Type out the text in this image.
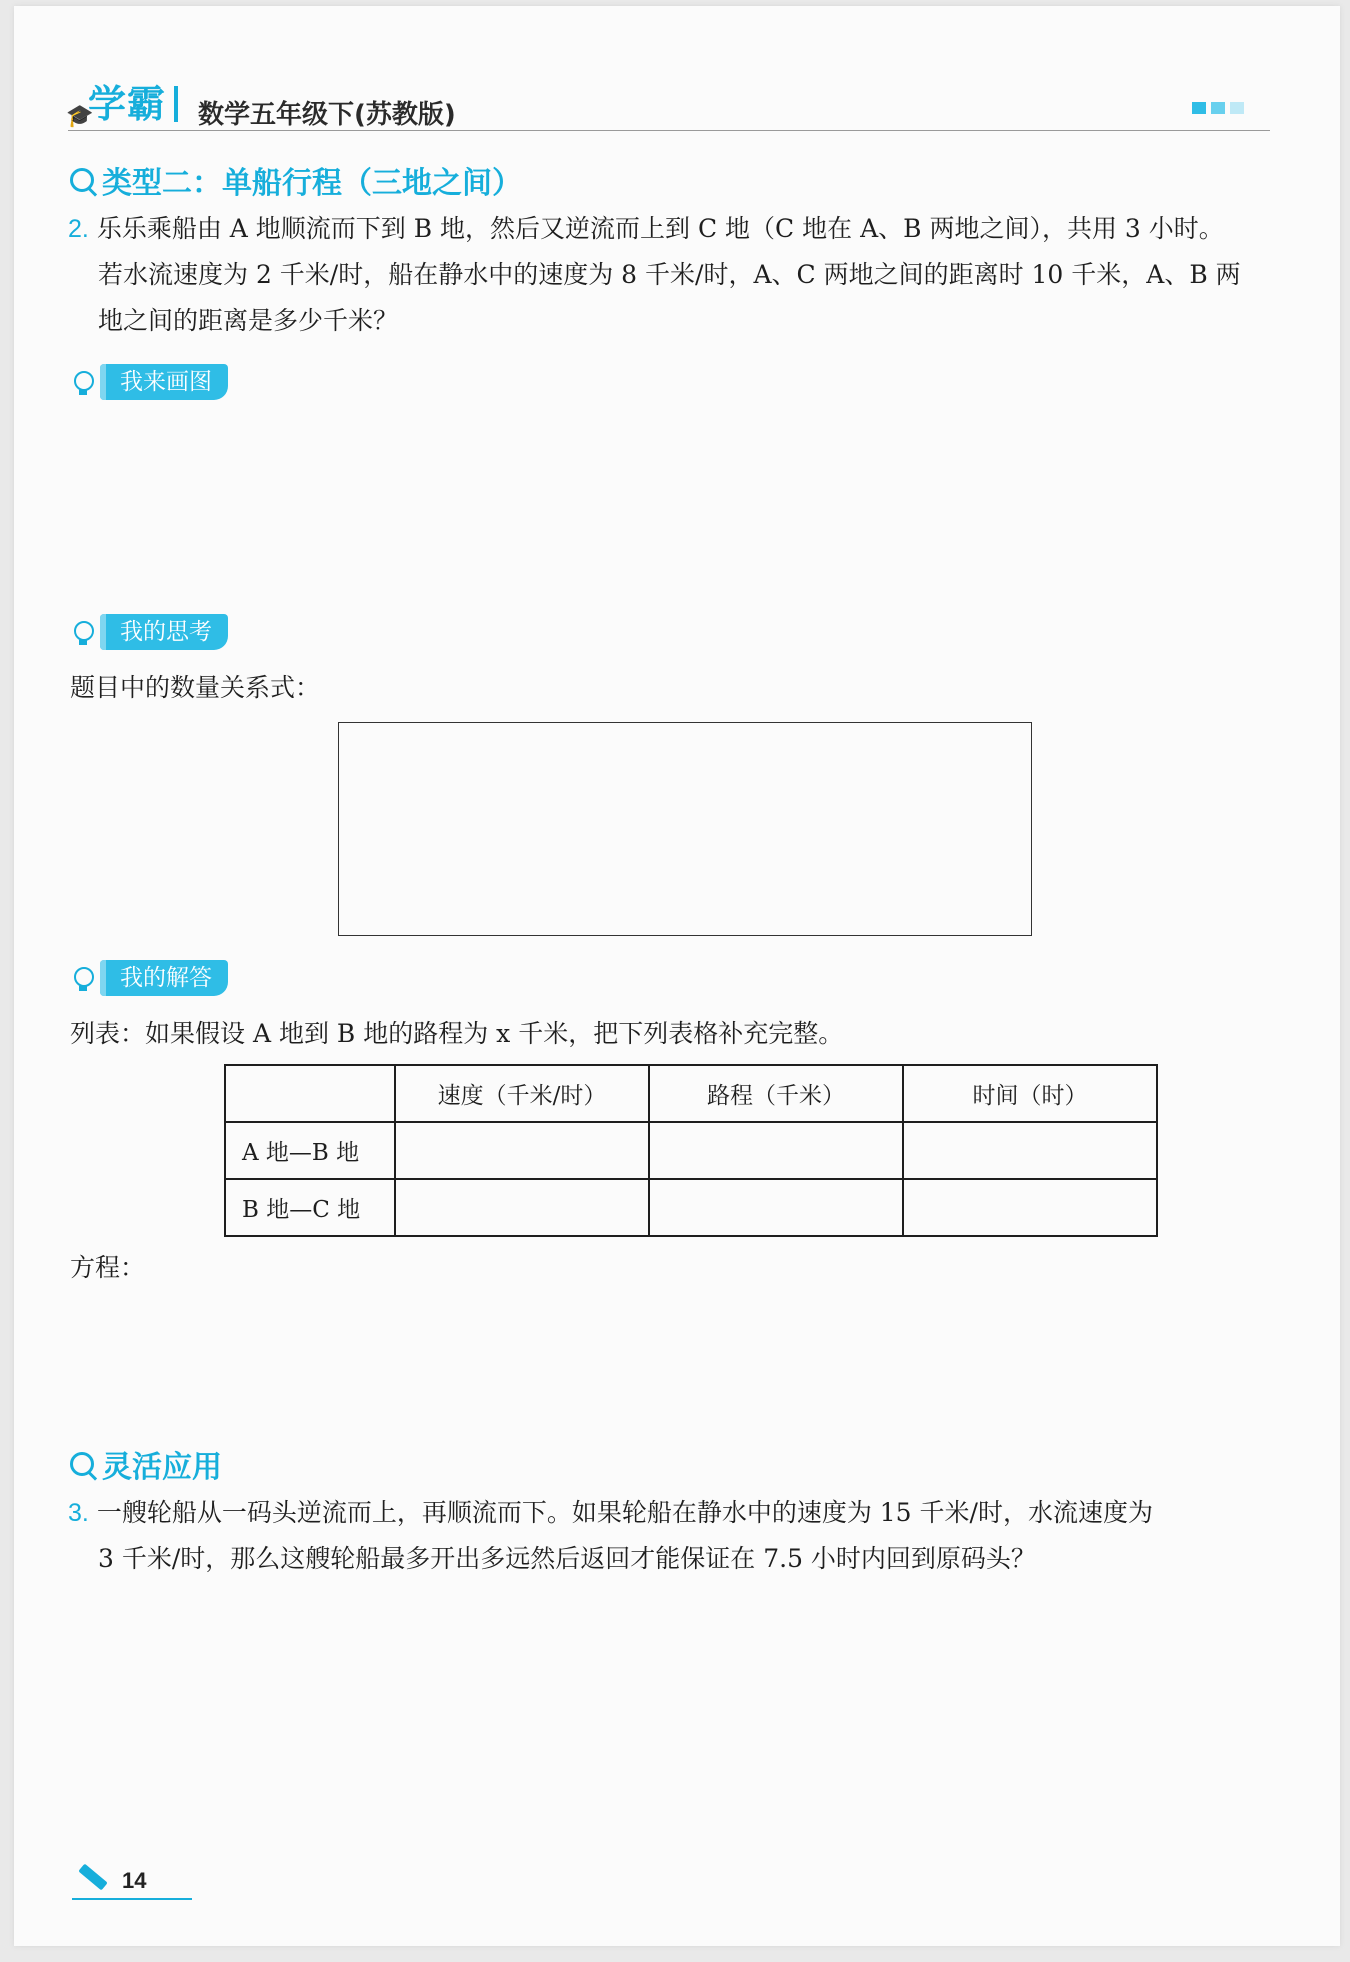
🎓
学霸 数学五年级下(苏教版)
类型二：单船行程（三地之间）
2. 乐乐乘船由 A 地顺流而下到 B 地，然后又逆流而上到 C 地（C 地在 A、B 两地之间），共用 3 小时。
若水流速度为 2 千米/时，船在静水中的速度为 8 千米/时，A、C 两地之间的距离时 10 千米，A、B 两
地之间的距离是多少千米？
我来画图
我的思考
题目中的数量关系式：
我的解答
列表：如果假设 A 地到 B 地的路程为 x 千米，把下列表格补充完整。
	速度（千米/时）	路程（千米）	时间（时）
A 地—B 地			
B 地—C 地			
方程：
灵活应用
3. 一艘轮船从一码头逆流而上，再顺流而下。如果轮船在静水中的速度为 15 千米/时，水流速度为
3 千米/时，那么这艘轮船最多开出多远然后返回才能保证在 7.5 小时内回到原码头？
14
